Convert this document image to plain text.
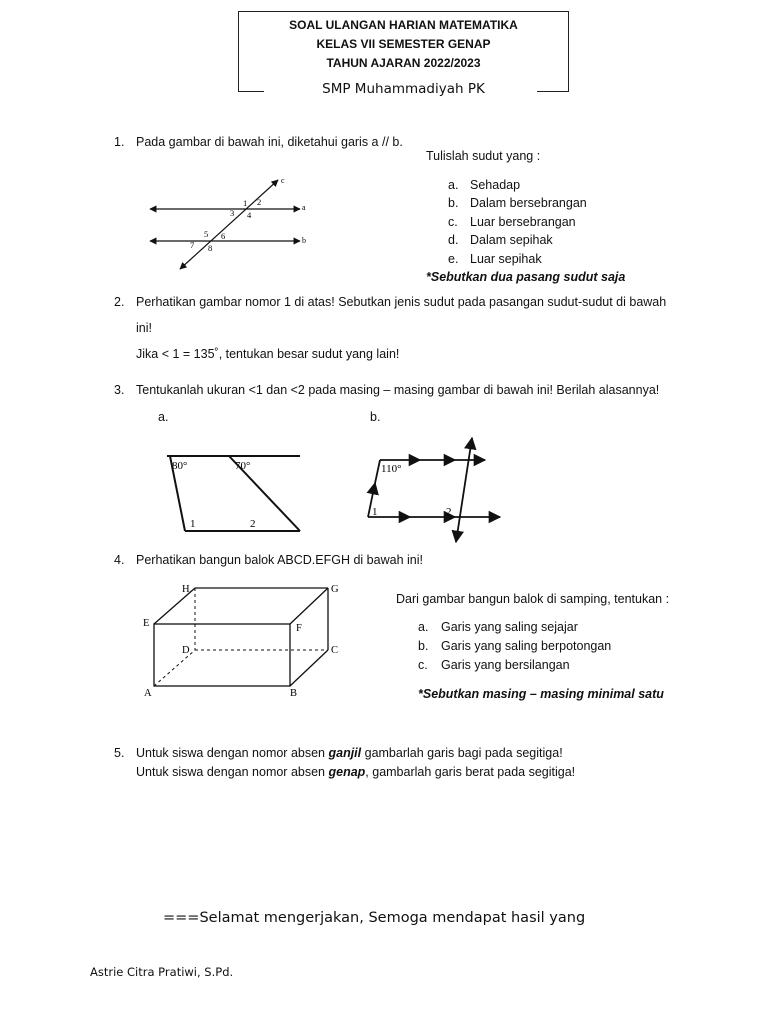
SOAL ULANGAN HARIAN MATEMATIKA
KELAS VII SEMESTER GENAP
TAHUN AJARAN 2022/2023
SMP Muhammadiyah PK
1. Pada gambar di bawah ini, diketahui garis a // b.
Tulislah sudut yang :
a. Sehadap
b. Dalam bersebrangan
c. Luar bersebrangan
d. Dalam sepihak
e. Luar sepihak
*Sebutkan dua pasang sudut saja
a
b
c
1 2
3 4
5 6
7 8
2. Perhatikan gambar nomor 1 di atas! Sebutkan jenis sudut pada pasangan sudut-sudut di bawah
ini!
Jika < 1 = 135˚, tentukan besar sudut yang lain!
3. Tentukanlah ukuran <1 dan <2 pada masing – masing gambar di bawah ini! Berilah alasannya!
a.	b.
80°	70°
1	2
110°
1	2
4. Perhatikan bangun balok ABCD.EFGH di bawah ini!
H	G
E	F
D	C
A	B
Dari gambar bangun balok di samping, tentukan :
a. Garis yang saling sejajar
b. Garis yang saling berpotongan
c. Garis yang bersilangan
*Sebutkan masing – masing minimal satu
5. Untuk siswa dengan nomor absen ganjil gambarlah garis bagi pada segitiga!
Untuk siswa dengan nomor absen genap, gambarlah garis berat pada segitiga!
===Selamat mengerjakan, Semoga mendapat hasil yang
Astrie Citra Pratiwi, S.Pd.
